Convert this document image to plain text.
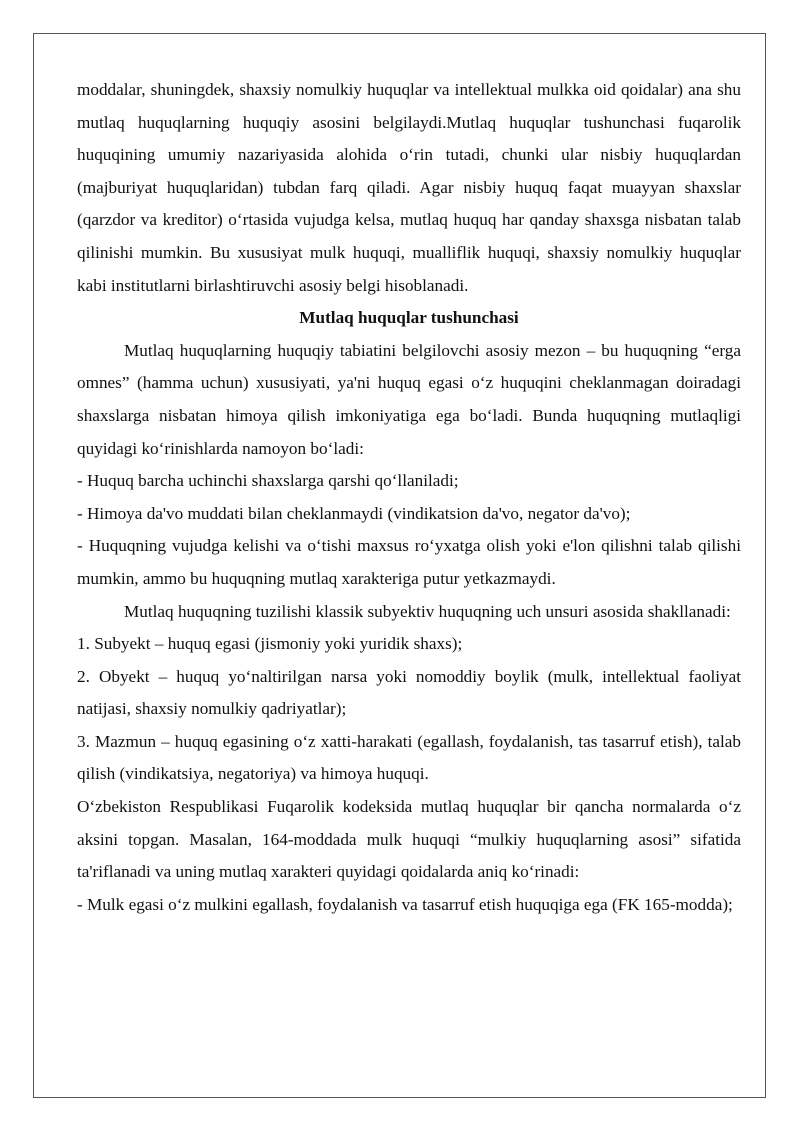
moddalar, shuningdek, shaxsiy nomulkiy huquqlar va intellektual mulkka oid qoidalar) ana shu mutlaq huquqlarning huquqiy asosini belgilaydi.Mutlaq huquqlar tushunchasi fuqarolik huquqining umumiy nazariyasida alohida o‘rin tutadi, chunki ular nisbiy huquqlardan (majburiyat huquqlaridan) tubdan farq qiladi. Agar nisbiy huquq faqat muayyan shaxslar (qarzdor va kreditor) o‘rtasida vujudga kelsa, mutlaq huquq har qanday shaxsga nisbatan talab qilinishi mumkin. Bu xususiyat mulk huquqi, mualliflik huquqi, shaxsiy nomulkiy huquqlar kabi institutlarni birlashtiruvchi asosiy belgi hisoblanadi.

Mutlaq huquqlar tushunchasi

Mutlaq huquqlarning huquqiy tabiatini belgilovchi asosiy mezon – bu huquqning “erga omnes” (hamma uchun) xususiyati, ya'ni huquq egasi o‘z huquqini cheklanmagan doiradagi shaxslarga nisbatan himoya qilish imkoniyatiga ega bo‘ladi. Bunda huquqning mutlaqligi quyidagi ko‘rinishlarda namoyon bo‘ladi:

- Huquq barcha uchinchi shaxslarga qarshi qo‘llaniladi;

- Himoya da'vo muddati bilan cheklanmaydi (vindikatsion da'vo, negator da'vo);

- Huquqning vujudga kelishi va o‘tishi maxsus ro‘yxatga olish yoki e'lon qilishni talab qilishi mumkin, ammo bu huquqning mutlaq xarakteriga putur yetkazmaydi.

Mutlaq huquqning tuzilishi klassik subyektiv huquqning uch unsuri asosida shakllanadi:

1. Subyekt – huquq egasi (jismoniy yoki yuridik shaxs);

2. Obyekt – huquq yo‘naltirilgan narsa yoki nomoddiy boylik (mulk, intellektual faoliyat natijasi, shaxsiy nomulkiy qadriyatlar);

3. Mazmun – huquq egasining o‘z xatti-harakati (egallash, foydalanish, tas tasarruf etish), talab qilish (vindikatsiya, negatoriya) va himoya huquqi.

O‘zbekiston Respublikasi Fuqarolik kodeksida mutlaq huquqlar bir qancha normalarda o‘z aksini topgan. Masalan, 164-moddada mulk huquqi “mulkiy huquqlarning asosi” sifatida ta'riflanadi va uning mutlaq xarakteri quyidagi qoidalarda aniq ko‘rinadi:

- Mulk egasi o‘z mulkini egallash, foydalanish va tasarruf etish huquqiga ega (FK 165-modda);
